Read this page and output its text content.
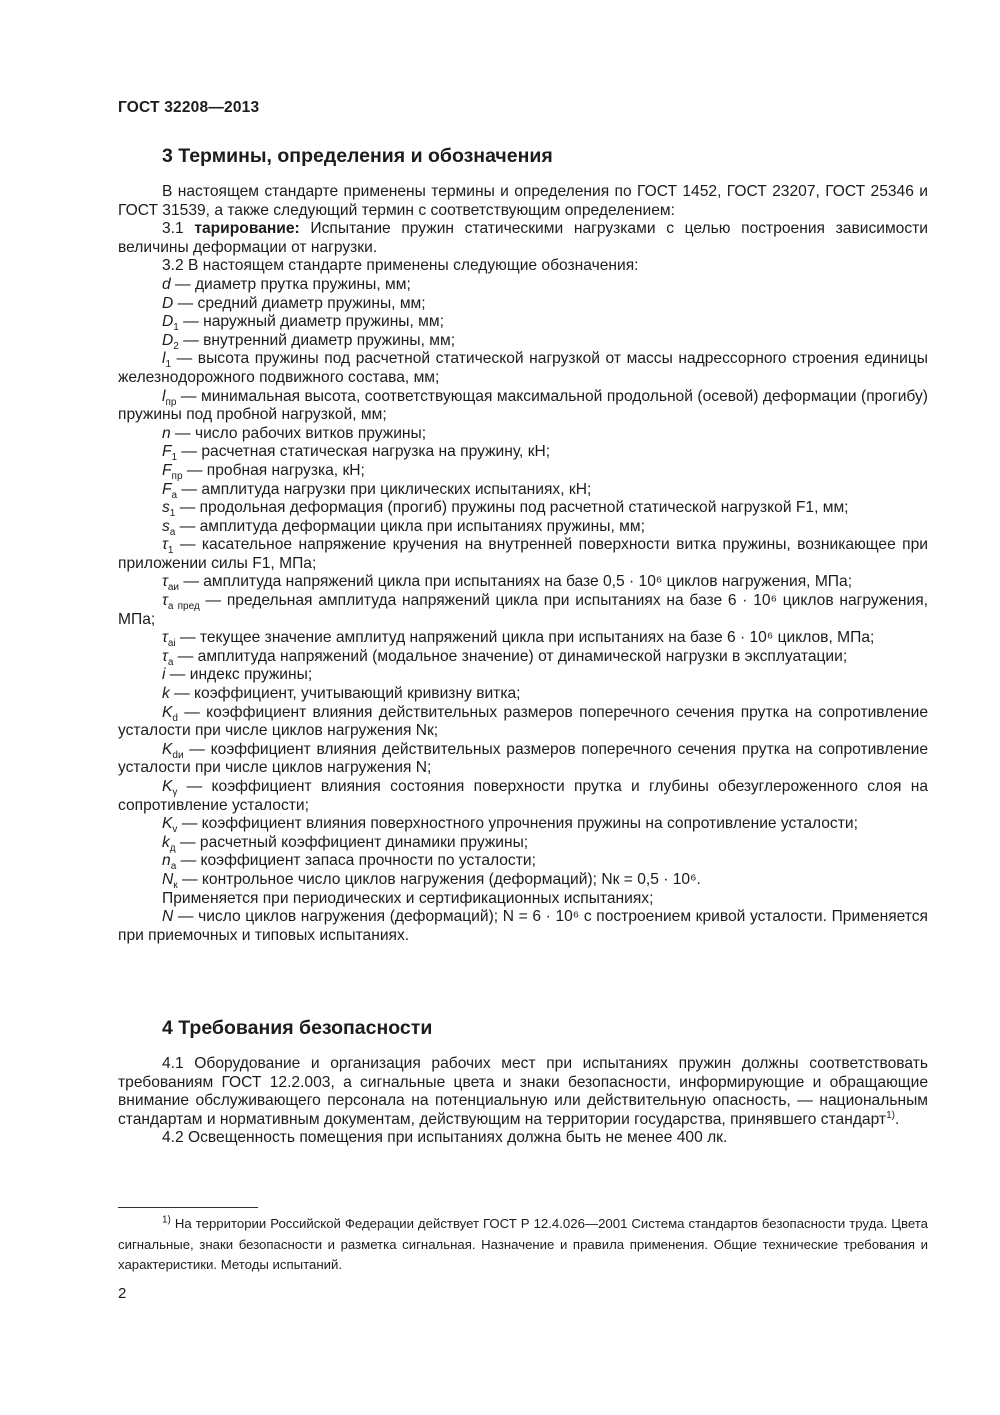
ГОСТ 32208—2013
3 Термины, определения и обозначения

В настоящем стандарте применены термины и определения по ГОСТ 1452, ГОСТ 23207, ГОСТ 25346 и ГОСТ 31539, а также следующий термин с соответствующим определением:

3.1 тарирование: Испытание пружин статическими нагрузками с целью построения зависимости величины деформации от нагрузки.

3.2 В настоящем стандарте применены следующие обозначения:

d — диаметр прутка пружины, мм;

D — средний диаметр пружины, мм;

$D_1$ — наружный диаметр пружины, мм;

$D_2$ — внутренний диаметр пружины, мм;

$l_1$ — высота пружины под расчетной статической нагрузкой от массы надрессорного строения единицы железнодорожного подвижного состава, мм;

$l_{пр}$ — минимальная высота, соответствующая максимальной продольной (осевой) деформации (прогибу) пружины под пробной нагрузкой, мм;

n — число рабочих витков пружины;

$F_1$ — расчетная статическая нагрузка на пружину, кН;

$F_{пр}$ — пробная нагрузка, кН;

$F_a$ — амплитуда нагрузки при циклических испытаниях, кН;

$s_1$ — продольная деформация (прогиб) пружины под расчетной статической нагрузкой F1, мм;

$s_a$ — амплитуда деформации цикла при испытаниях пружины, мм;

$\tau_1$ — касательное напряжение кручения на внутренней поверхности витка пружины, возникающее при приложении силы F1, МПа;

$\tau_{аи}$ — амплитуда напряжений цикла при испытаниях на базе 0,5 · 10⁶ циклов нагружения, МПа;

$\tau_{а пред}$ — предельная амплитуда напряжений цикла при испытаниях на базе 6 · 10⁶ циклов нагружения, МПа;

$\tau_{аi}$ — текущее значение амплитуд напряжений цикла при испытаниях на базе 6 · 10⁶ циклов, МПа;

$\tau_а$ — амплитуда напряжений (модальное значение) от динамической нагрузки в эксплуатации;

i — индекс пружины;

k — коэффициент, учитывающий кривизну витка;

$K_d$ — коэффициент влияния действительных размеров поперечного сечения прутка на сопротивление усталости при числе циклов нагружения Nк;

$K_{dи}$ — коэффициент влияния действительных размеров поперечного сечения прутка на сопротивление усталости при числе циклов нагружения N;

$K_\gamma$ — коэффициент влияния состояния поверхности прутка и глубины обезуглероженного слоя на сопротивление усталости;

$K_v$ — коэффициент влияния поверхностного упрочнения пружины на сопротивление усталости;

$k_д$ — расчетный коэффициент динамики пружины;

$n_a$ — коэффициент запаса прочности по усталости;

$N_к$ — контрольное число циклов нагружения (деформаций); Nк = 0,5 · 10⁶.

Применяется при периодических и сертификационных испытаниях;

N — число циклов нагружения (деформаций); N = 6 · 10⁶ с построением кривой усталости. Применяется при приемочных и типовых испытаниях.

4 Требования безопасности

4.1 Оборудование и организация рабочих мест при испытаниях пружин должны соответствовать требованиям ГОСТ 12.2.003, а сигнальные цвета и знаки безопасности, информирующие и обращающие внимание обслуживающего персонала на потенциальную или действительную опасность, — национальным стандартам и нормативным документам, действующим на территории государства, принявшего стандарт$^{1)}$.

4.2 Освещенность помещения при испытаниях должна быть не менее 400 лк.

$^{1)}$ На территории Российской Федерации действует ГОСТ Р 12.4.026—2001 Система стандартов безопасности труда. Цвета сигнальные, знаки безопасности и разметка сигнальная. Назначение и правила применения. Общие технические требования и характеристики. Методы испытаний.

2
